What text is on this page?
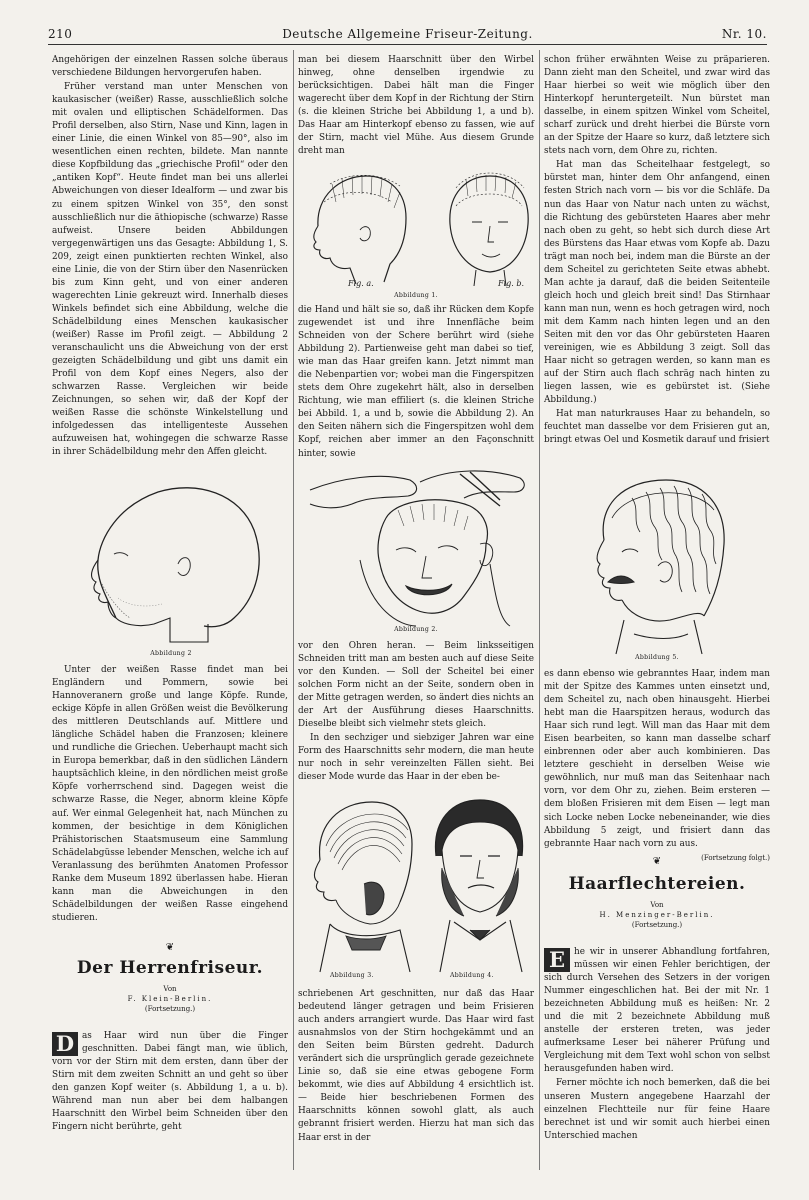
210	Deutsche Allgemeine Friseur-Zeitung.	Nr. 10.

Angehörigen der einzelnen Rassen solche überaus verschiedene Bildungen hervorgerufen haben.

Früher verstand man unter Menschen von kaukasischer (weißer) Rasse, ausschließlich solche mit ovalen und elliptischen Schädelformen. Das Profil derselben, also Stirn, Nase und Kinn, lagen in einer Linie, die einen Winkel von 85—90°, also im wesentlichen einen rechten, bildete. Man nannte diese Kopfbildung das „griechische Profil“ oder den „antiken Kopf“. Heute findet man bei uns allerlei Abweichungen von dieser Idealform — und zwar bis zu einem spitzen Winkel von 35°, den sonst ausschließlich nur die äthiopische (schwarze) Rasse aufweist. Unsere beiden Abbildungen vergegenwärtigen uns das Gesagte: Abbildung 1, S. 209, zeigt einen punktierten rechten Winkel, also eine Linie, die von der Stirn über den Nasenrücken bis zum Kinn geht, und von einer anderen wagerechten Linie gekreuzt wird. Innerhalb dieses Winkels befindet sich eine Abbildung, welche die Schädelbildung eines Menschen kaukasischer (weißer) Rasse im Profil zeigt. — Abbildung 2 veranschaulicht uns die Abweichung von der erst gezeigten Schädelbildung und gibt uns damit ein Profil von dem Kopf eines Negers, also der schwarzen Rasse. Vergleichen wir beide Zeichnungen, so sehen wir, daß der Kopf der weißen Rasse die schönste Winkelstellung und infolgedessen das intelligenteste Aussehen aufzuweisen hat, wohingegen die schwarze Rasse in ihrer Schädelbildung mehr den Affen gleicht.

Abbildung 2

Unter der weißen Rasse findet man bei Engländern und Pommern, sowie bei Hannoveranern große und lange Köpfe. Runde, eckige Köpfe in allen Größen weist die Bevölkerung des mittleren Deutschlands auf. Mittlere und längliche Schädel haben die Franzosen; kleinere und rundliche die Griechen. Ueberhaupt macht sich in Europa bemerkbar, daß in den südlichen Ländern hauptsächlich kleine, in den nördlichen meist große Köpfe vorherrschend sind. Dagegen weist die schwarze Rasse, die Neger, abnorm kleine Köpfe auf. Wer einmal Gelegenheit hat, nach München zu kommen, der besichtige in dem Königlichen Prähistorischen Staatsmuseum eine Sammlung Schädelabgüsse lebender Menschen, welche ich auf Veranlassung des berühmten Anatomen Professor Ranke dem Museum 1892 überlassen habe. Hieran kann man die Abweichungen in den Schädelbildungen der weißen Rasse eingehend studieren.

❦
Der Herrenfriseur.
Von
F. Klein-Berlin.
(Fortsetzung.)

D as Haar wird nun über die Finger geschnitten. Dabei fängt man, wie üblich, vorn vor der Stirn mit dem ersten, dann über der Stirn mit dem zweiten Schnitt an und geht so über den ganzen Kopf weiter (s. Abbildung 1, a u. b). Während man nun aber bei dem halbangen Haarschnitt den Wirbel beim Schneiden über den Fingern nicht berührte, geht

man bei diesem Haarschnitt über den Wirbel hinweg, ohne denselben irgendwie zu berücksichtigen. Dabei hält man die Finger wagerecht über dem Kopf in der Richtung der Stirn (s. die kleinen Striche bei Abbildung 1, a und b). Das Haar am Hinterkopf ebenso zu fassen, wie auf der Stirn, macht viel Mühe. Aus diesem Grunde dreht man

Fig. a.	Fig. b.
Abbildung 1.

die Hand und hält sie so, daß ihr Rücken dem Kopfe zugewendet ist und ihre Innenfläche beim Schneiden von der Schere berührt wird (siehe Abbildung 2). Partienweise geht man dabei so tief, wie man das Haar greifen kann. Jetzt nimmt man die Nebenpartien vor; wobei man die Fingerspitzen stets dem Ohre zugekehrt hält, also in derselben Richtung, wie man effiliert (s. die kleinen Striche bei Abbild. 1, a und b, sowie die Abbildung 2). An den Seiten nähern sich die Fingerspitzen wohl dem Kopf, reichen aber immer an den Façonschnitt hinter, sowie

Abbildung 2.

vor den Ohren heran. — Beim linksseitigen Schneiden tritt man am besten auch auf diese Seite vor den Kunden. — Soll der Scheitel bei einer solchen Form nicht an der Seite, sondern oben in der Mitte getragen werden, so ändert dies nichts an der Art der Ausführung dieses Haarschnitts. Dieselbe bleibt sich vielmehr stets gleich.

In den sechziger und siebziger Jahren war eine Form des Haarschnitts sehr modern, die man heute nur noch in sehr vereinzelten Fällen sieht. Bei dieser Mode wurde das Haar in der eben be-

Abbildung 3.	Abbildung 4.

schriebenen Art geschnitten, nur daß das Haar bedeutend länger getragen und beim Frisieren auch anders arrangiert wurde. Das Haar wird fast ausnahmslos von der Stirn hochgekämmt und an den Seiten beim Bürsten gedreht. Dadurch verändert sich die ursprünglich gerade gezeichnete Linie so, daß sie eine etwas gebogene Form bekommt, wie dies auf Abbildung 4 ersichtlich ist. — Beide hier beschriebenen Formen des Haarschnitts können sowohl glatt, als auch gebrannt frisiert werden. Hierzu hat man sich das Haar erst in der

schon früher erwähnten Weise zu präparieren. Dann zieht man den Scheitel, und zwar wird das Haar hierbei so weit wie möglich über den Hinterkopf heruntergeteilt. Nun bürstet man dasselbe, in einem spitzen Winkel vom Scheitel, scharf zurück und dreht hierbei die Bürste vorn an der Spitze der Haare so kurz, daß letztere sich stets nach vorn, dem Ohre zu, richten.

Hat man das Scheitelhaar festgelegt, so bürstet man, hinter dem Ohr anfangend, einen festen Strich nach vorn — bis vor die Schläfe. Da nun das Haar von Natur nach unten zu wächst, die Richtung des gebürsteten Haares aber mehr nach oben zu geht, so hebt sich durch diese Art des Bürstens das Haar etwas vom Kopfe ab. Dazu trägt man noch bei, indem man die Bürste an der dem Scheitel zu gerichteten Seite etwas abhebt. Man achte ja darauf, daß die beiden Seitenteile gleich hoch und gleich breit sind! Das Stirnhaar kann man nun, wenn es hoch getragen wird, noch mit dem Kamm nach hinten legen und an den Seiten mit den vor das Ohr gebürsteten Haaren vereinigen, wie es Abbildung 3 zeigt. Soll das Haar nicht so getragen werden, so kann man es auf der Stirn auch flach schräg nach hinten zu liegen lassen, wie es gebürstet ist. (Siehe Abbildung.)

Hat man naturkrauses Haar zu behandeln, so feuchtet man dasselbe vor dem Frisieren gut an, bringt etwas Oel und Kosmetik darauf und frisiert

Abbildung 5.

es dann ebenso wie gebranntes Haar, indem man mit der Spitze des Kammes unten einsetzt und, dem Scheitel zu, nach oben hinausgeht. Hierbei hebt man die Haarspitzen heraus, wodurch das Haar sich rund legt. Will man das Haar mit dem Eisen bearbeiten, so kann man dasselbe scharf einbrennen oder aber auch kombinieren. Das letztere geschieht in derselben Weise wie gewöhnlich, nur muß man das Seitenhaar nach vorn, vor dem Ohr zu, ziehen. Beim ersteren — dem bloßen Frisieren mit dem Eisen — legt man sich Locke neben Locke nebeneinander, wie dies Abbildung 5 zeigt, und frisiert dann das gebrannte Haar nach vorn zu aus.

(Fortsetzung folgt.)
❦
Haarflechtereien.
Von
H. Menzinger-Berlin.
(Fortsetzung.)

E	he wir in unserer Abhandlung fortfahren, müssen wir einen Fehler berichtigen, der sich durch Versehen des Setzers in der vorigen Nummer eingeschlichen hat. Bei der mit Nr. 1 bezeichneten Abbildung muß es heißen: Nr. 2 und die mit 2 bezeichnete Abbildung muß anstelle der ersteren treten, was jeder aufmerksame Leser bei näherer Prüfung und Vergleichung mit dem Text wohl schon von selbst herausgefunden haben wird.

Ferner möchte ich noch bemerken, daß die bei unseren Mustern angegebene Haarzahl der einzelnen Flechtteile nur für feine Haare berechnet ist und wir somit auch hierbei einen Unterschied machen
